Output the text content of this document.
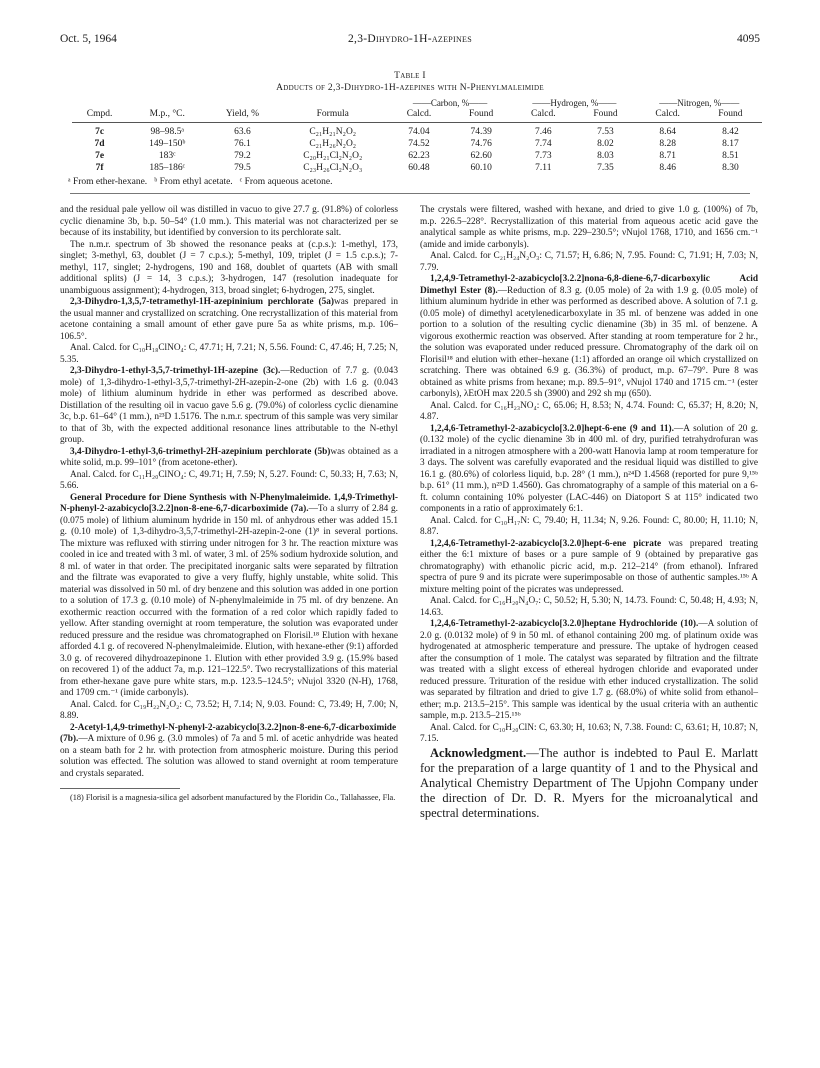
Oct. 5, 1964	2,3-Dihydro-1H-azepines	4095
Table I
Adducts of 2,3-Dihydro-1H-azepines with N-Phenylmaleimide
				——Carbon, %——		——Hydrogen, %——		——Nitrogen, %——	
Cmpd.	M.p., °C.	Yield, %	Formula	Calcd.	Found	Calcd.	Found	Calcd.	Found
7c	98–98.5ᵃ	63.6	C₂₁H₂₁N₂O₂	74.04	74.39	7.46	7.53	8.64	8.42
7d	149–150ᵇ	76.1	C₂₁H₂₆N₂O₂	74.52	74.76	7.74	8.02	8.28	8.17
7e	183ᶜ	79.2	C₂₀H₂₁Cl₂N₂O₂	62.23	62.60	7.73	8.03	8.71	8.51
7f	185–186ᶜ	79.5	C₂₃H₂₆Cl₂N₂O₃	60.48	60.10	7.11	7.35	8.46	8.30
ᵃ From ether-hexane.   ᵇ From ethyl acetate.   ᶜ From aqueous acetone.

and the residual pale yellow oil was distilled in vacuo to give 27.7 g. (91.8%) of colorless cyclic dienamine 3b, b.p. 50–54° (1.0 mm.). This material was not characterized per se because of its instability, but identified by conversion to its perchlorate salt.

The n.m.r. spectrum of 3b showed the resonance peaks at (c.p.s.): 1-methyl, 173, singlet; 3-methyl, 63, doublet (J = 7 c.p.s.); 5-methyl, 109, triplet (J = 1.5 c.p.s.); 7-methyl, 117, singlet; 2-hydrogens, 190 and 168, doublet of quartets (AB with small additional splits) (J = 14, 3 c.p.s.); 3-hydrogen, 147 (resolution inadequate for unambiguous assignment); 4-hydrogen, 313, broad singlet; 6-hydrogen, 275, singlet.

2,3-Dihydro-1,3,5,7-tetramethyl-1H-azepininium perchlorate (5a)was prepared in the usual manner and crystallized on scratching. One recrystallization of this material from acetone containing a small amount of ether gave pure 5a as white prisms, m.p. 106–106.5°.

Anal. Calcd. for C₁₀H₁₈ClNO₄: C, 47.71; H, 7.21; N, 5.56. Found: C, 47.46; H, 7.25; N, 5.35.

2,3-Dihydro-1-ethyl-3,5,7-trimethyl-1H-azepine (3c).—Reduction of 7.7 g. (0.043 mole) of 1,3-dihydro-1-ethyl-3,5,7-trimethyl-2H-azepin-2-one (2b) with 1.6 g. (0.043 mole) of lithium aluminum hydride in ether was performed as described above. Distillation of the resulting oil in vacuo gave 5.6 g. (79.0%) of colorless cyclic dienamine 3c, b.p. 61–64° (1 mm.), n²³D 1.5176. The n.m.r. spectrum of this sample was very similar to that of 3b, with the expected additional resonance lines attributable to the N-ethyl group.

3,4-Dihydro-1-ethyl-3,6-trimethyl-2H-azepinium perchlorate (5b)was obtained as a white solid, m.p. 99–101° (from acetone-ether).

Anal. Calcd. for C₁₁H₂₀ClNO₄: C, 49.71; H, 7.59; N, 5.27. Found: C, 50.33; H, 7.63; N, 5.66.

General Procedure for Diene Synthesis with N-Phenylmaleimide. 1,4,9-Trimethyl-N-phenyl-2-azabicyclo[3.2.2]non-8-ene-6,7-dicarboximide (7a).—To a slurry of 2.84 g. (0.075 mole) of lithium aluminum hydride in 150 ml. of anhydrous ether was added 15.1 g. (0.10 mole) of 1,3-dihydro-3,5,7-trimethyl-2H-azepin-2-one (1)⁸ in several portions. The mixture was refluxed with stirring under nitrogen for 3 hr. The reaction mixture was cooled in ice and treated with 3 ml. of water, 3 ml. of 25% sodium hydroxide solution, and 8 ml. of water in that order. The precipitated inorganic salts were separated by filtration and the filtrate was evaporated to give a very fluffy, highly unstable, white solid. This material was dissolved in 50 ml. of dry benzene and this solution was added in one portion to a solution of 17.3 g. (0.10 mole) of N-phenylmaleimide in 75 ml. of dry benzene. An exothermic reaction occurred with the formation of a red color which rapidly faded to yellow. After standing overnight at room temperature, the solution was evaporated under reduced pressure and the residue was chromatographed on Florisil.¹⁸ Elution with hexane afforded 4.1 g. of recovered N-phenylmaleimide. Elution, with hexane-ether (9:1) afforded 3.0 g. of recovered dihydroazepinone 1. Elution with ether provided 3.9 g. (15.9% based on recovered 1) of the adduct 7a, m.p. 121–122.5°. Two recrystallizations of this material from ether-hexane gave pure white stars, m.p. 123.5–124.5°; νNujol 3320 (N-H), 1768, and 1709 cm.⁻¹ (imide carbonyls).

Anal. Calcd. for C₁₉H₂₂N₂O₂: C, 73.52; H, 7.14; N, 9.03. Found: C, 73.49; H, 7.00; N, 8.89.

2-Acetyl-1,4,9-trimethyl-N-phenyl-2-azabicyclo[3.2.2]non-8-ene-6,7-dicarboximide (7b).—A mixture of 0.96 g. (3.0 mmoles) of 7a and 5 ml. of acetic anhydride was heated on a steam bath for 2 hr. with protection from atmospheric moisture. During this period solution was effected. The solution was allowed to stand overnight at room temperature and crystals separated.

(18) Florisil is a magnesia-silica gel adsorbent manufactured by the Floridin Co., Tallahassee, Fla.

The crystals were filtered, washed with hexane, and dried to give 1.0 g. (100%) of 7b, m.p. 226.5–228°. Recrystallization of this material from aqueous acetic acid gave the analytical sample as white prisms, m.p. 229–230.5°; νNujol 1768, 1710, and 1656 cm.⁻¹ (amide and imide carbonyls).

Anal. Calcd. for C₂₁H₂₄N₂O₃: C, 71.57; H, 6.86; N, 7.95. Found: C, 71.91; H, 7.03; N, 7.79.

1,2,4,9-Tetramethyl-2-azabicyclo[3.2.2]nona-6,8-diene-6,7-dicarboxylic Acid Dimethyl Ester (8).—Reduction of 8.3 g. (0.05 mole) of 2a with 1.9 g. (0.05 mole) of lithium aluminum hydride in ether was performed as described above. A solution of 7.1 g. (0.05 mole) of dimethyl acetylenedicarboxylate in 35 ml. of benzene was added in one portion to a solution of the resulting cyclic dienamine (3b) in 35 ml. of benzene. A vigorous exothermic reaction was observed. After standing at room temperature for 2 hr., the solution was evaporated under reduced pressure. Chromatography of the dark oil on Florisil¹⁸ and elution with ether–hexane (1:1) afforded an orange oil which crystallized on scratching. There was obtained 6.9 g. (36.3%) of product, m.p. 67–79°. Pure 8 was obtained as white prisms from hexane; m.p. 89.5–91°, νNujol 1740 and 1715 cm.⁻¹ (ester carbonyls), λEtOH max 220.5 sh (3900) and 292 sh mμ (650).

Anal. Calcd. for C₁₆H₂₃NO₄: C, 65.06; H, 8.53; N, 4.74. Found: C, 65.37; H, 8.20; N, 4.87.

1,2,4,6-Tetramethyl-2-azabicyclo[3.2.0]hept-6-ene (9 and 11).—A solution of 20 g. (0.132 mole) of the cyclic dienamine 3b in 400 ml. of dry, purified tetrahydrofuran was irradiated in a nitrogen atmosphere with a 200-watt Hanovia lamp at room temperature for 3 days. The solvent was carefully evaporated and the residual liquid was distilled to give 16.1 g. (80.6%) of colorless liquid, b.p. 28° (1 mm.), n²⁴D 1.4568 (reported for pure 9,¹⁵ᵇ b.p. 61° (11 mm.), n²⁵D 1.4560). Gas chromatography of a sample of this material on a 6-ft. column containing 10% polyester (LAC-446) on Diatoport S at 115° indicated two components in a ratio of approximately 6:1.

Anal. Calcd. for C₁₀H₁₇N: C, 79.40; H, 11.34; N, 9.26. Found: C, 80.00; H, 11.10; N, 8.87.

1,2,4,6-Tetramethyl-2-azabicyclo[3.2.0]hept-6-ene picrate was prepared treating either the 6:1 mixture of bases or a pure sample of 9 (obtained by preparative gas chromatography) with ethanolic picric acid, m.p. 212–214° (from ethanol). Infrared spectra of pure 9 and its picrate were superimposable on those of authentic samples.¹⁵ᵇ A mixture melting point of the picrates was undepressed.

Anal. Calcd. for C₁₆H₂₀N₄O₇: C, 50.52; H, 5.30; N, 14.73. Found: C, 50.48; H, 4.93; N, 14.63.

1,2,4,6-Tetramethyl-2-azabicyclo[3.2.0]heptane Hydrochloride (10).—A solution of 2.0 g. (0.0132 mole) of 9 in 50 ml. of ethanol containing 200 mg. of platinum oxide was hydrogenated at atmospheric temperature and pressure. The uptake of hydrogen ceased after the consumption of 1 mole. The catalyst was separated by filtration and the filtrate was treated with a slight excess of ethereal hydrogen chloride and evaporated under reduced pressure. Trituration of the residue with ether induced crystallization. The solid was separated by filtration and dried to give 1.7 g. (68.0%) of white solid from ethanol–ether; m.p. 213.5–215°. This sample was identical by the usual criteria with an authentic sample, m.p. 213.5–215.¹⁵ᵇ

Anal. Calcd. for C₁₀H₂₀ClN: C, 63.30; H, 10.63; N, 7.38. Found: C, 63.61; H, 10.87; N, 7.15.

Acknowledgment.—The author is indebted to Paul E. Marlatt for the preparation of a large quantity of 1 and to the Physical and Analytical Chemistry Department of The Upjohn Company under the direction of Dr. D. R. Myers for the microanalytical and spectral determinations.
